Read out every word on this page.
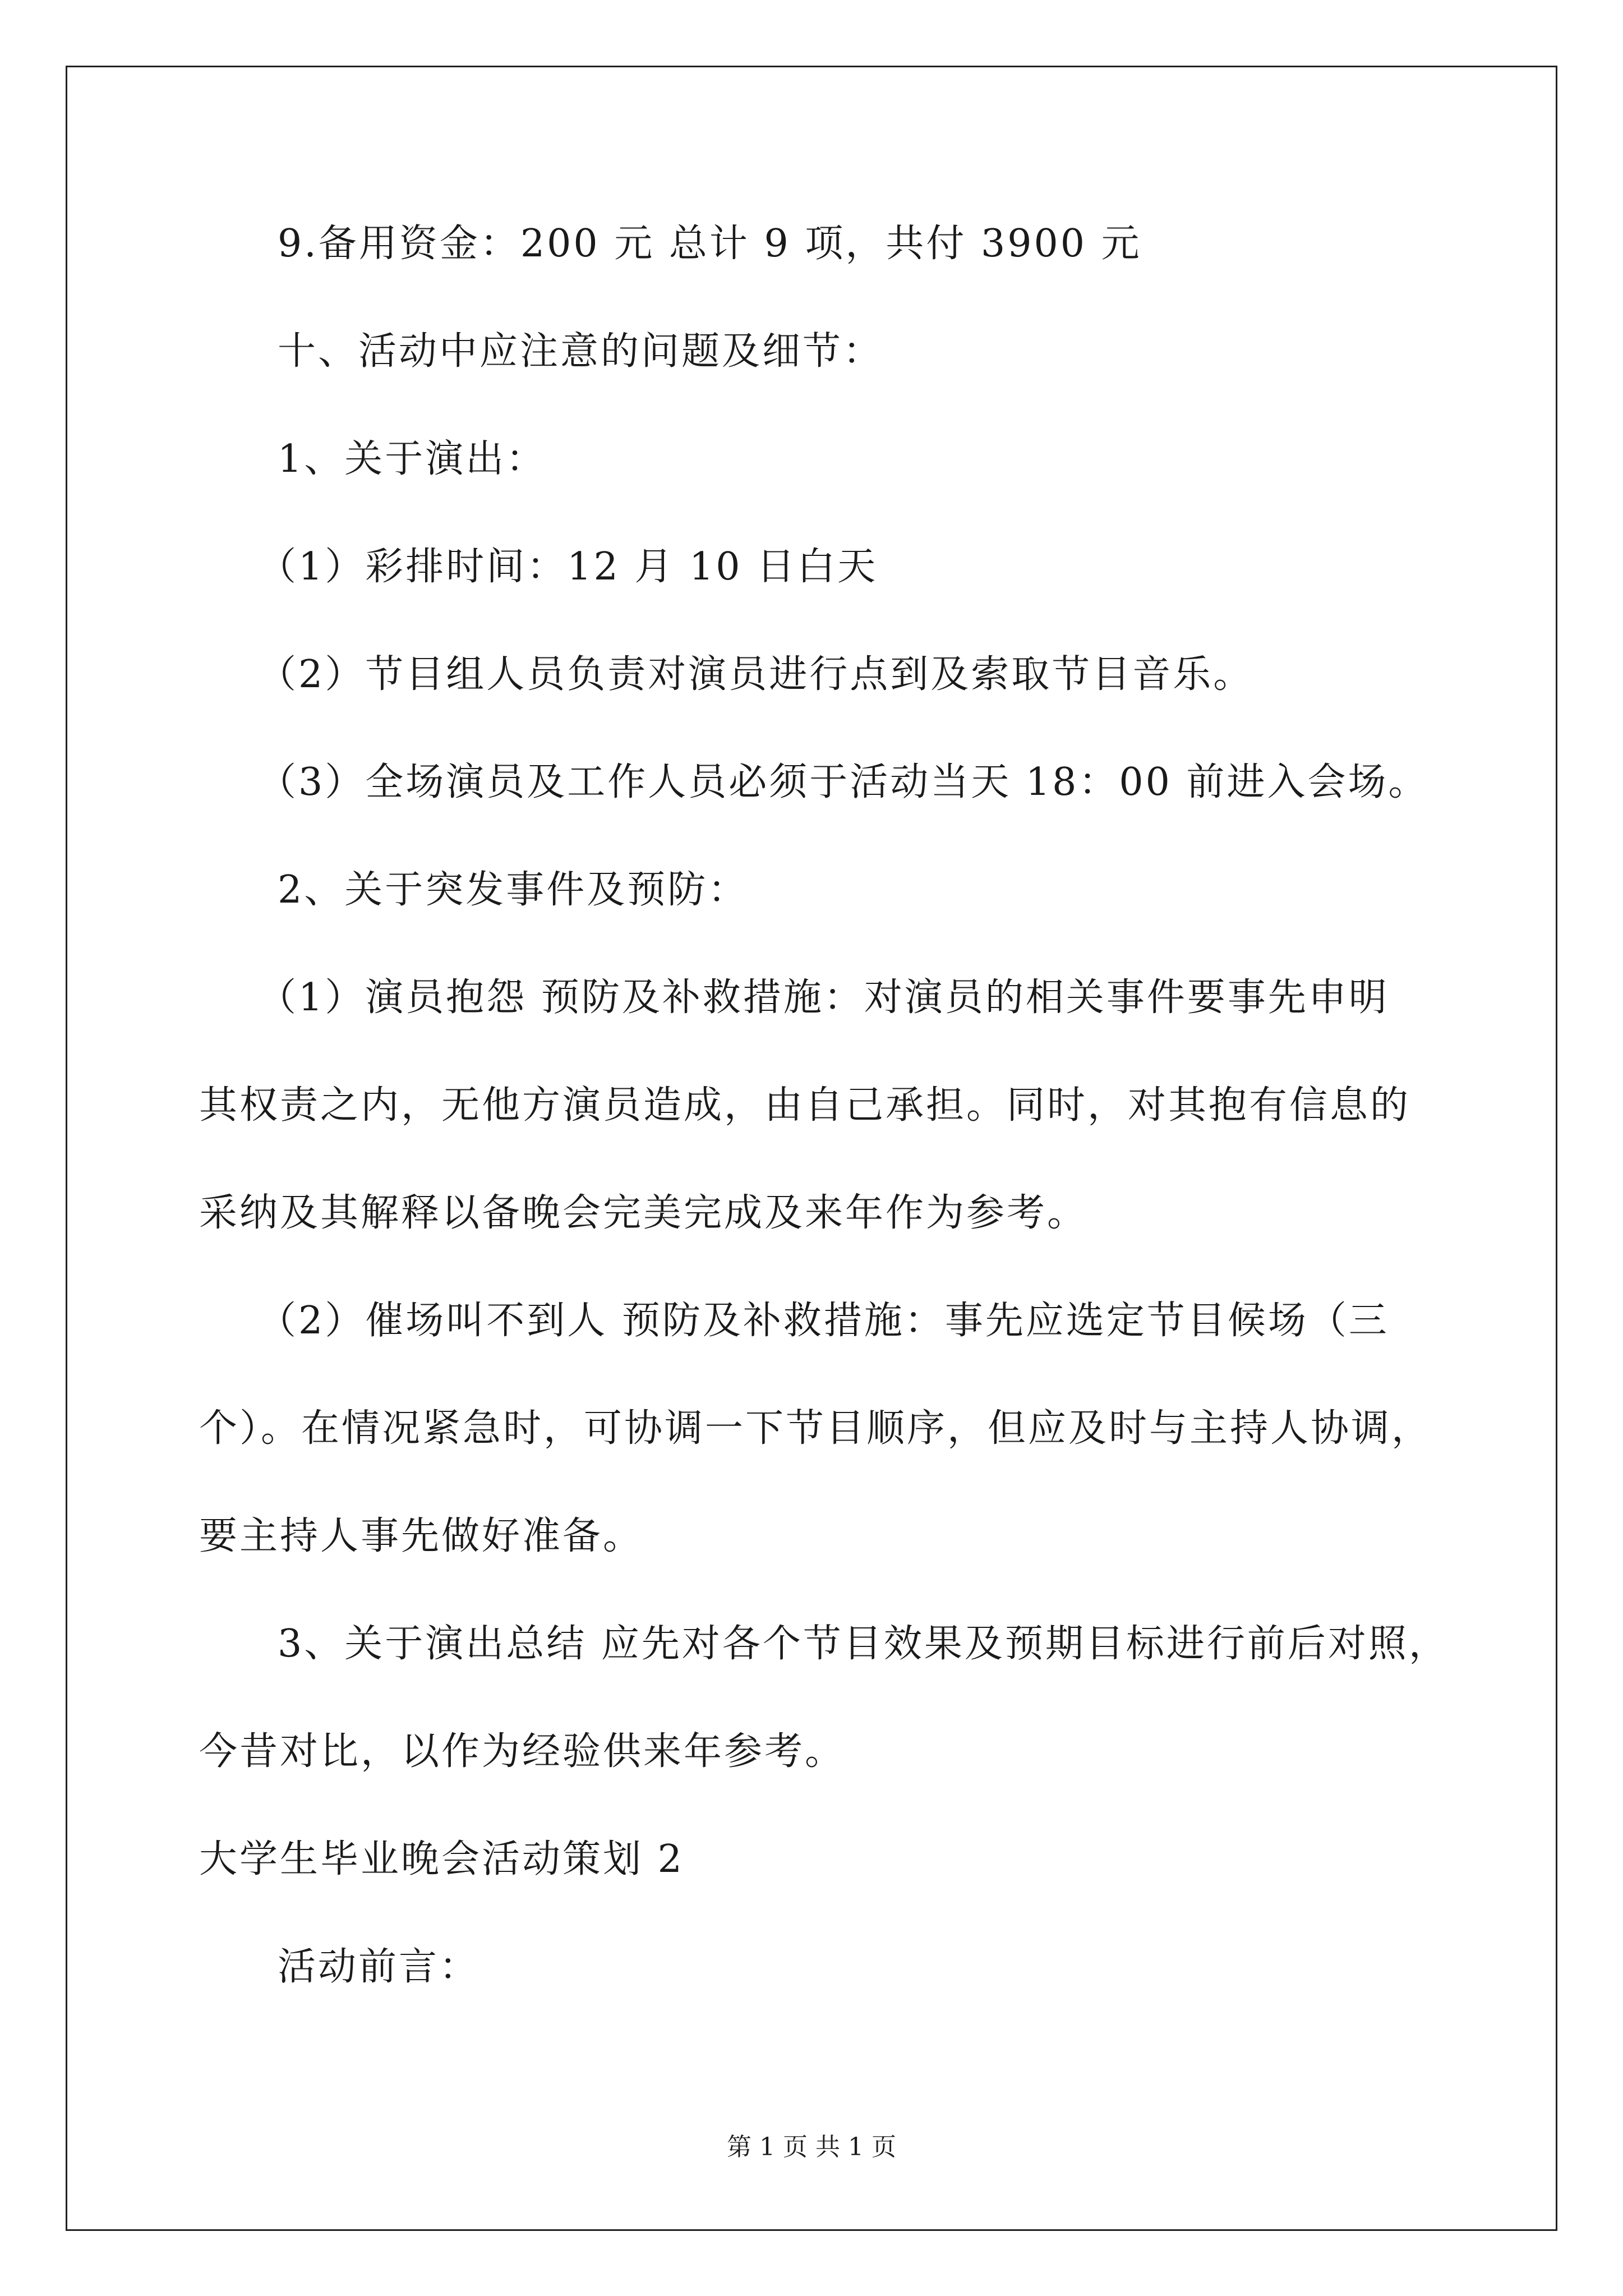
9.备用资金：200 元 总计 9 项，共付 3900 元
十、活动中应注意的问题及细节：
1、关于演出：
（1）彩排时间：12 月 10 日白天
（2）节目组人员负责对演员进行点到及索取节目音乐。
（3）全场演员及工作人员必须于活动当天 18：00 前进入会场。
2、关于突发事件及预防：
（1）演员抱怨 预防及补救措施：对演员的相关事件要事先申明
其权责之内，无他方演员造成，由自己承担。同时，对其抱有信息的
采纳及其解释以备晚会完美完成及来年作为参考。
（2）催场叫不到人 预防及补救措施：事先应选定节目候场（三
个）。在情况紧急时，可协调一下节目顺序，但应及时与主持人协调，
要主持人事先做好准备。
3、关于演出总结 应先对各个节目效果及预期目标进行前后对照，
今昔对比，以作为经验供来年参考。
大学生毕业晚会活动策划 2
活动前言：
第 1 页 共 1 页
